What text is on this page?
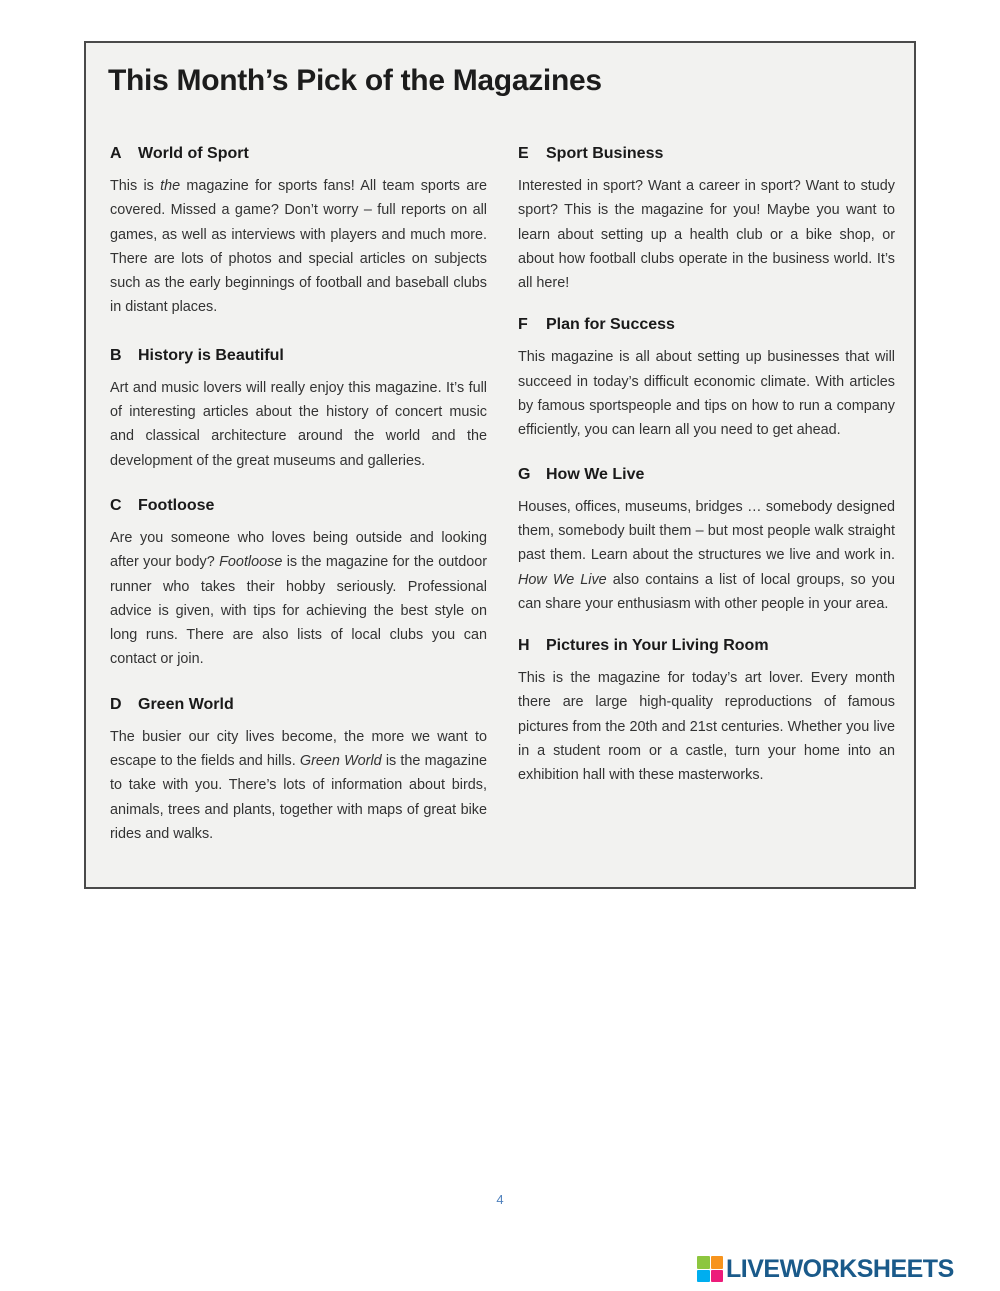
This Month’s Pick of the Magazines

A World of Sport

This is the magazine for sports fans! All team sports are covered. Missed a game? Don’t worry – full reports on all games, as well as interviews with players and much more. There are lots of photos and special articles on subjects such as the early beginnings of football and baseball clubs in distant places.

B History is Beautiful

Art and music lovers will really enjoy this magazine. It’s full of interesting articles about the history of concert music and classical architecture around the world and the development of the great museums and galleries.

C Footloose

Are you someone who loves being outside and looking after your body? Footloose is the magazine for the outdoor runner who takes their hobby seriously. Professional advice is given, with tips for achieving the best style on long runs. There are also lists of local clubs you can contact or join.

D Green World

The busier our city lives become, the more we want to escape to the fields and hills. Green World is the magazine to take with you. There’s lots of information about birds, animals, trees and plants, together with maps of great bike rides and walks.

E Sport Business

Interested in sport? Want a career in sport? Want to study sport? This is the magazine for you! Maybe you want to learn about setting up a health club or a bike shop, or about how football clubs operate in the business world. It’s all here!

F Plan for Success

This magazine is all about setting up businesses that will succeed in today’s difficult economic climate. With articles by famous sportspeople and tips on how to run a company efficiently, you can learn all you need to get ahead.

G How We Live

Houses, offices, museums, bridges … somebody designed them, somebody built them – but most people walk straight past them. Learn about the structures we live and work in. How We Live also contains a list of local groups, so you can share your enthusiasm with other people in your area.

H Pictures in Your Living Room

This is the magazine for today’s art lover. Every month there are large high-quality reproductions of famous pictures from the 20th and 21st centuries. Whether you live in a student room or a castle, turn your home into an exhibition hall with these masterworks.

4
LIVEWORKSHEETS
